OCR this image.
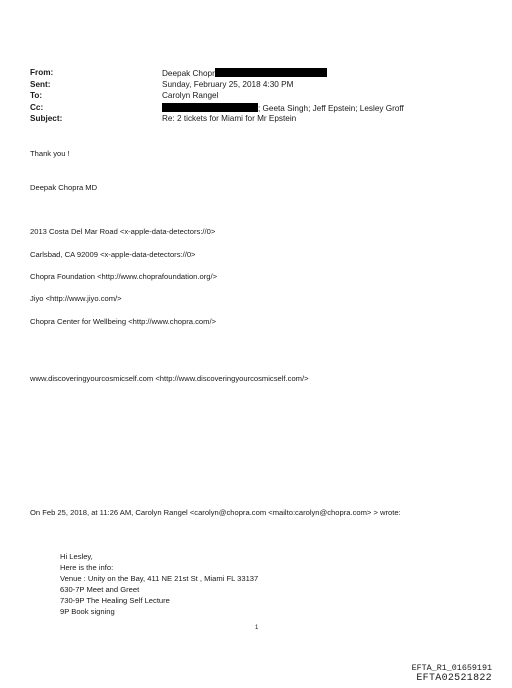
From:	Deepak Chopr
Sent:	Sunday, February 25, 2018 4:30 PM
To:	Carolyn Rangel
Cc:	; Geeta Singh; Jeff Epstein; Lesley Groff
Subject:	Re: 2 tickets for Miami for Mr Epstein
Thank you !
Deepak Chopra MD
2013 Costa Del Mar Road <x-apple-data-detectors://0>
Carlsbad, CA 92009 <x-apple-data-detectors://0>
Chopra Foundation <http://www.choprafoundation.org/>
Jiyo <http://www.jiyo.com/>
Chopra Center for Wellbeing <http://www.chopra.com/>
www.discoveringyourcosmicself.com <http://www.discoveringyourcosmicself.com/>
On Feb 25, 2018, at 11:26 AM, Carolyn Rangel <carolyn@chopra.com <mailto:carolyn@chopra.com> > wrote:
Hi Lesley,
Here is the info:
Venue : Unity on the Bay, 411 NE 21st St , Miami FL 33137
630-7P Meet and Greet
730-9P The Healing Self Lecture
9P Book signing
1
EFTA_R1_01659191
EFTA02521822
